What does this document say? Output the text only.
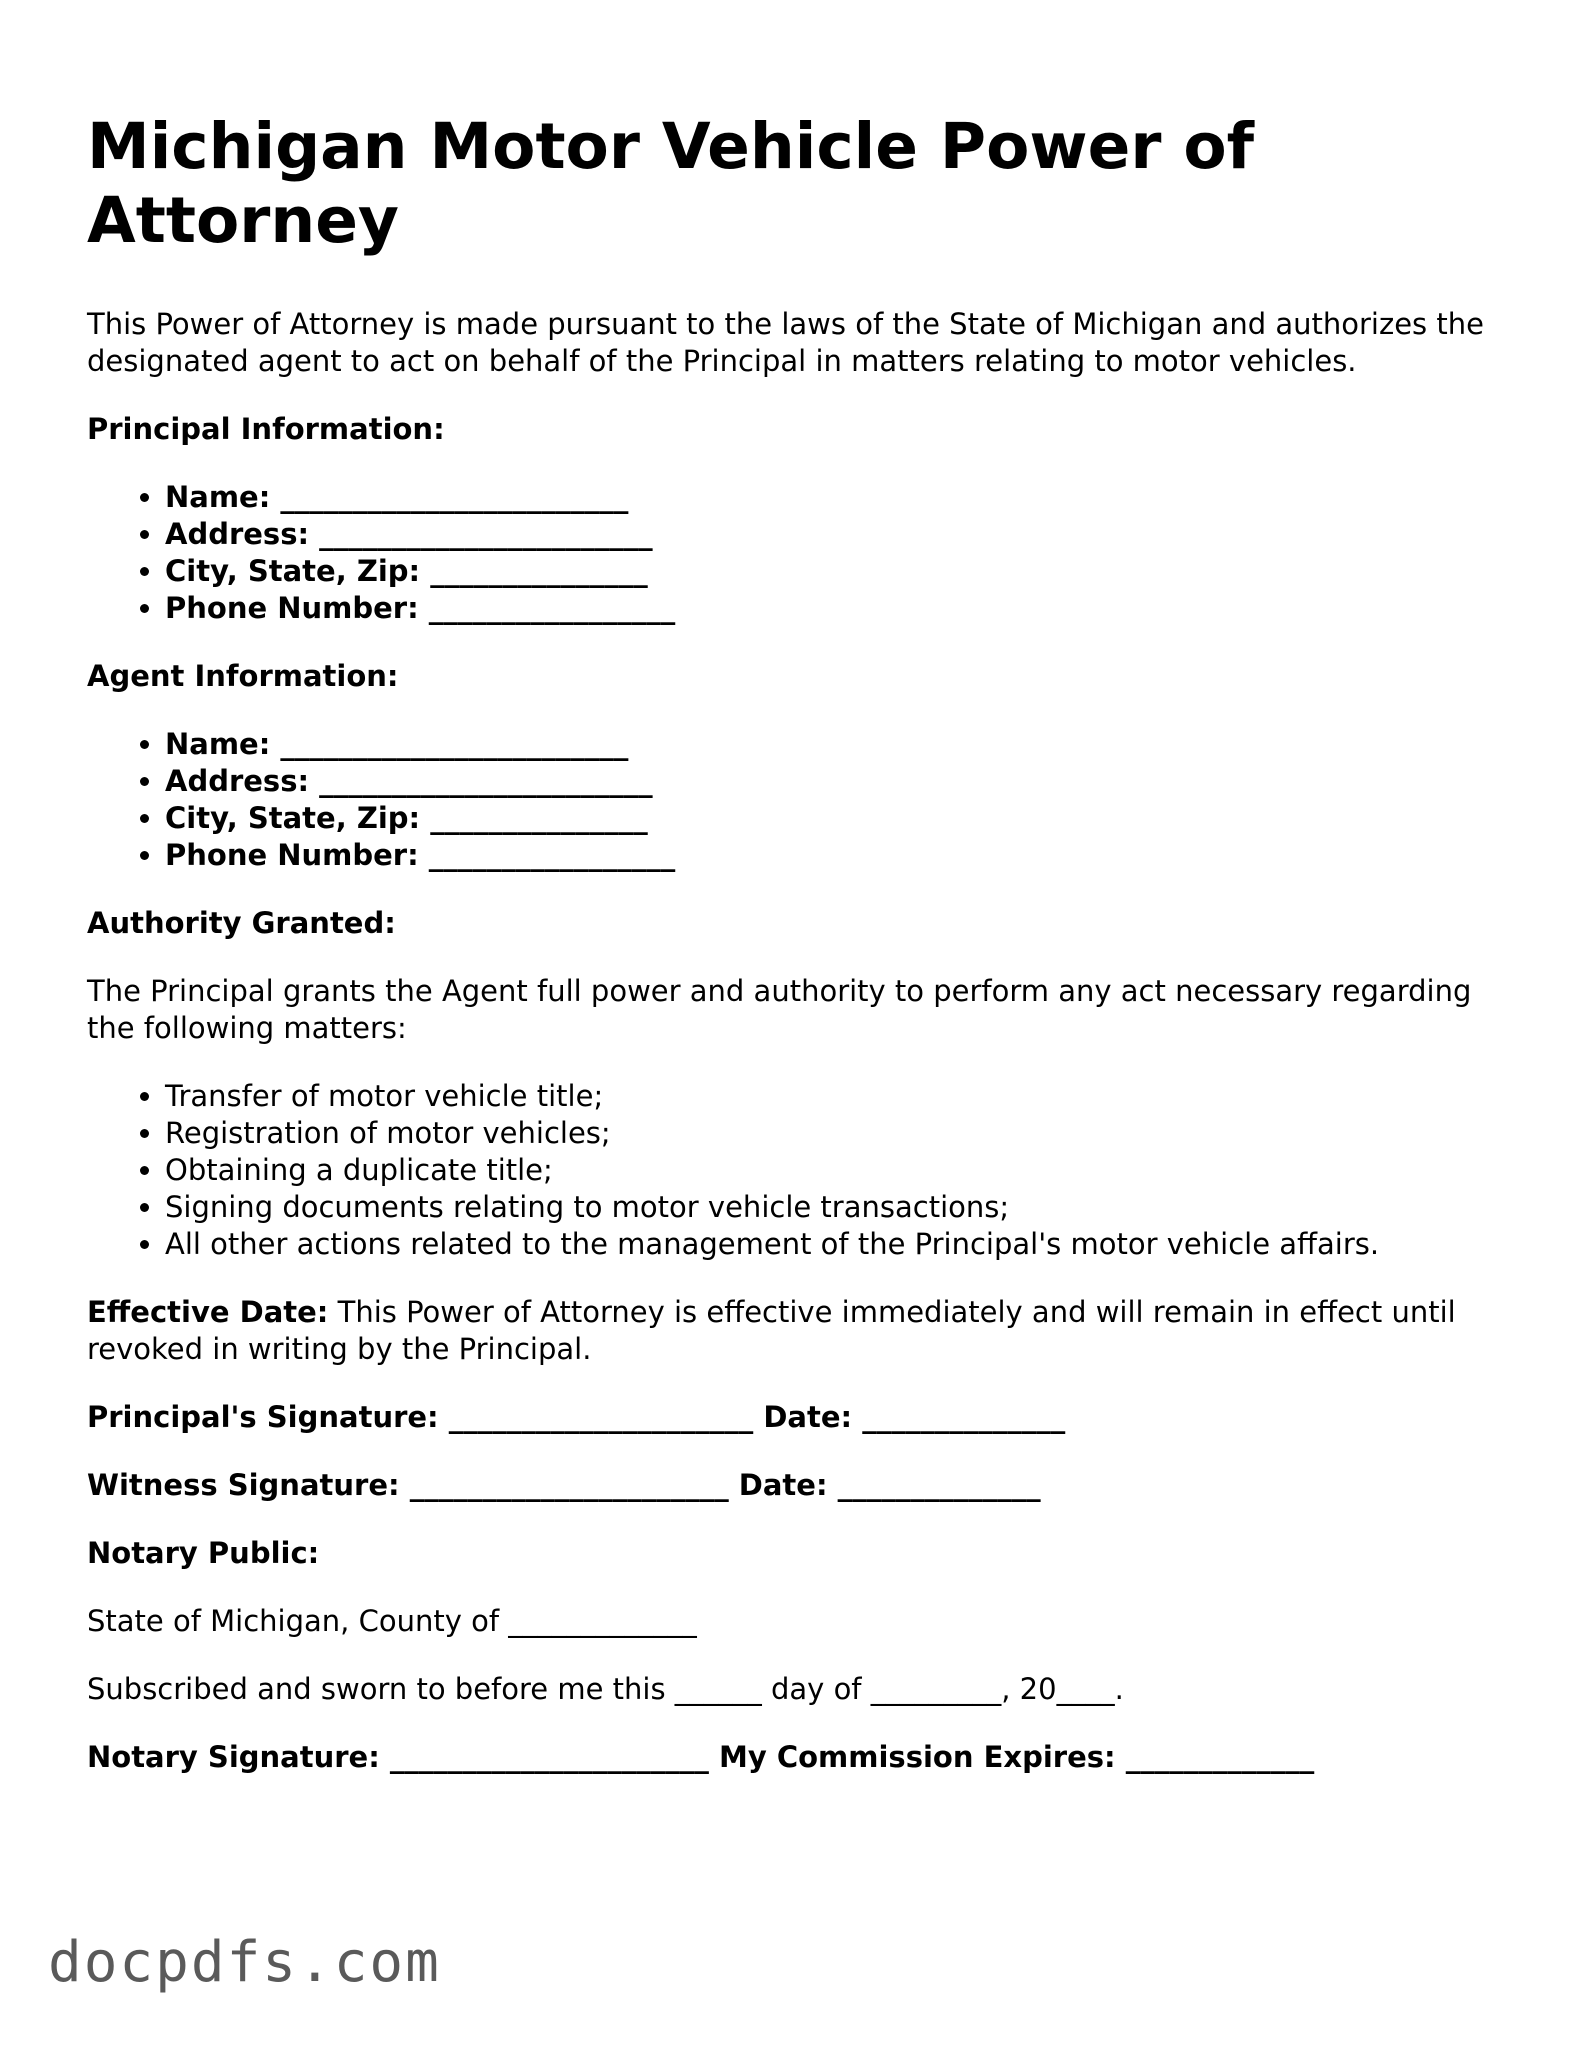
Michigan Motor Vehicle Power of Attorney

This Power of Attorney is made pursuant to the laws of the State of Michigan and authorizes the designated agent to act on behalf of the Principal in matters relating to motor vehicles.

Principal Information:

• Name: ________________________
• Address: _______________________
• City, State, Zip: _______________
• Phone Number: _________________

Agent Information:

• Name: ________________________
• Address: _______________________
• City, State, Zip: _______________
• Phone Number: _________________

Authority Granted:

The Principal grants the Agent full power and authority to perform any act necessary regarding the following matters:

• Transfer of motor vehicle title;
• Registration of motor vehicles;
• Obtaining a duplicate title;
• Signing documents relating to motor vehicle transactions;
• All other actions related to the management of the Principal's motor vehicle affairs.

Effective Date: This Power of Attorney is effective immediately and will remain in effect until revoked in writing by the Principal.

Principal's Signature: _____________________ Date: ______________

Witness Signature: ______________________ Date: ______________

Notary Public:

State of Michigan, County of _____________

Subscribed and sworn to before me this ______ day of _________, 20____.

Notary Signature: ______________________ My Commission Expires: _____________

docpdfs.com
